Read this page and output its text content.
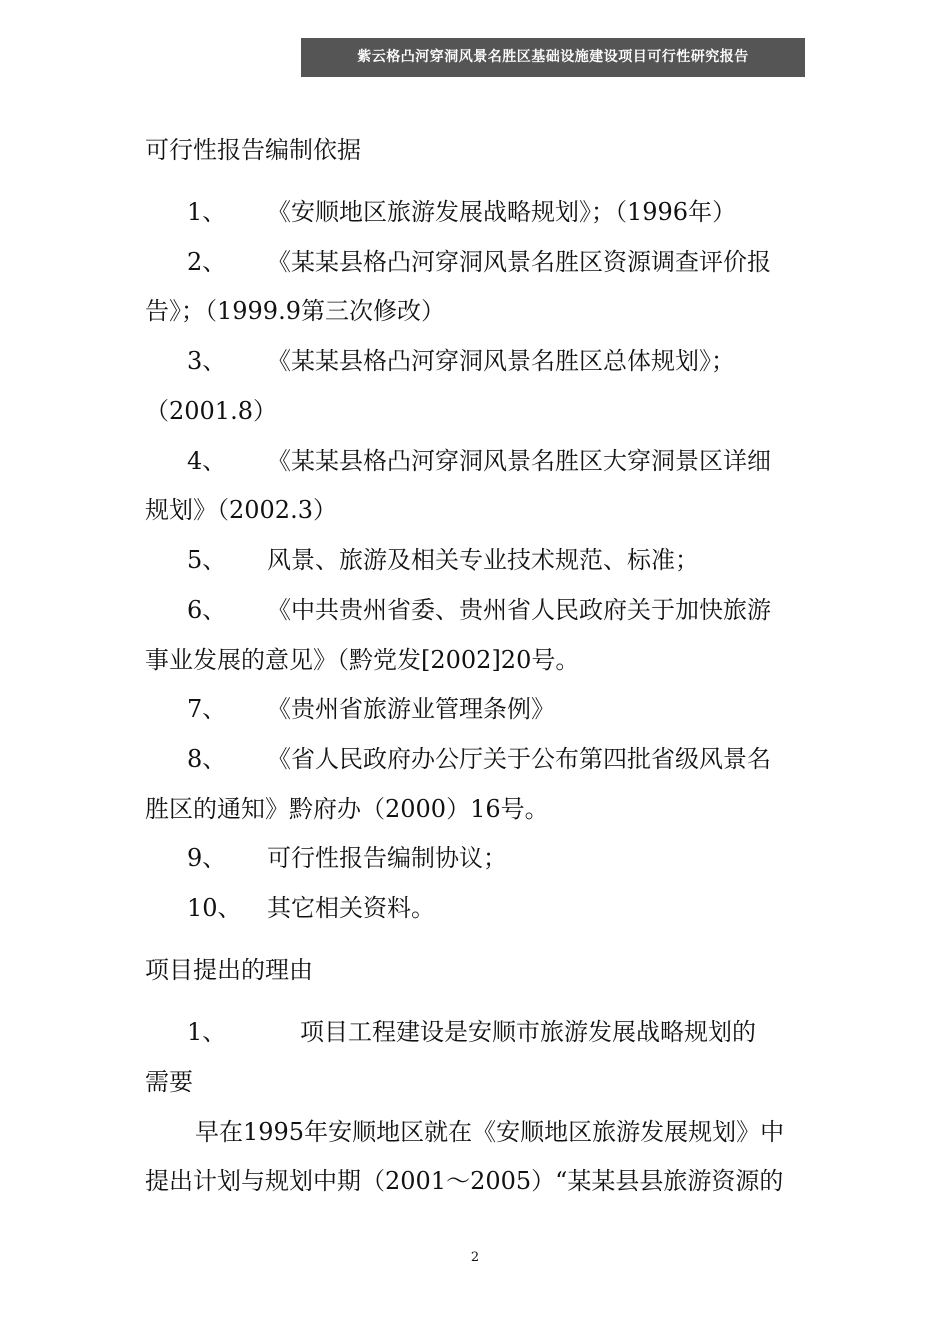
紫云格凸河穿洞风景名胜区基础设施建设项目可行性研究报告
可行性报告编制依据
1、 《安顺地区旅游发展战略规划》；（1996年）
2、 《某某县格凸河穿洞风景名胜区资源调查评价报
告》；（1999.9第三次修改）
3、 《某某县格凸河穿洞风景名胜区总体规划》；
（2001.8）
4、 《某某县格凸河穿洞风景名胜区大穿洞景区详细
规划》（2002.3）
5、 风景、旅游及相关专业技术规范、标准；
6、 《中共贵州省委、贵州省人民政府关于加快旅游
事业发展的意见》（黔党发[2002]20号。
7、 《贵州省旅游业管理条例》
8、 《省人民政府办公厅关于公布第四批省级风景名
胜区的通知》黔府办（2000）16号。
9、 可行性报告编制协议；
10、 其它相关资料。
项目提出的理由
1、	项目工程建设是安顺市旅游发展战略规划的
需要
早在1995年安顺地区就在《安顺地区旅游发展规划》中
提出计划与规划中期（2001～2005）“某某县县旅游资源的
2
